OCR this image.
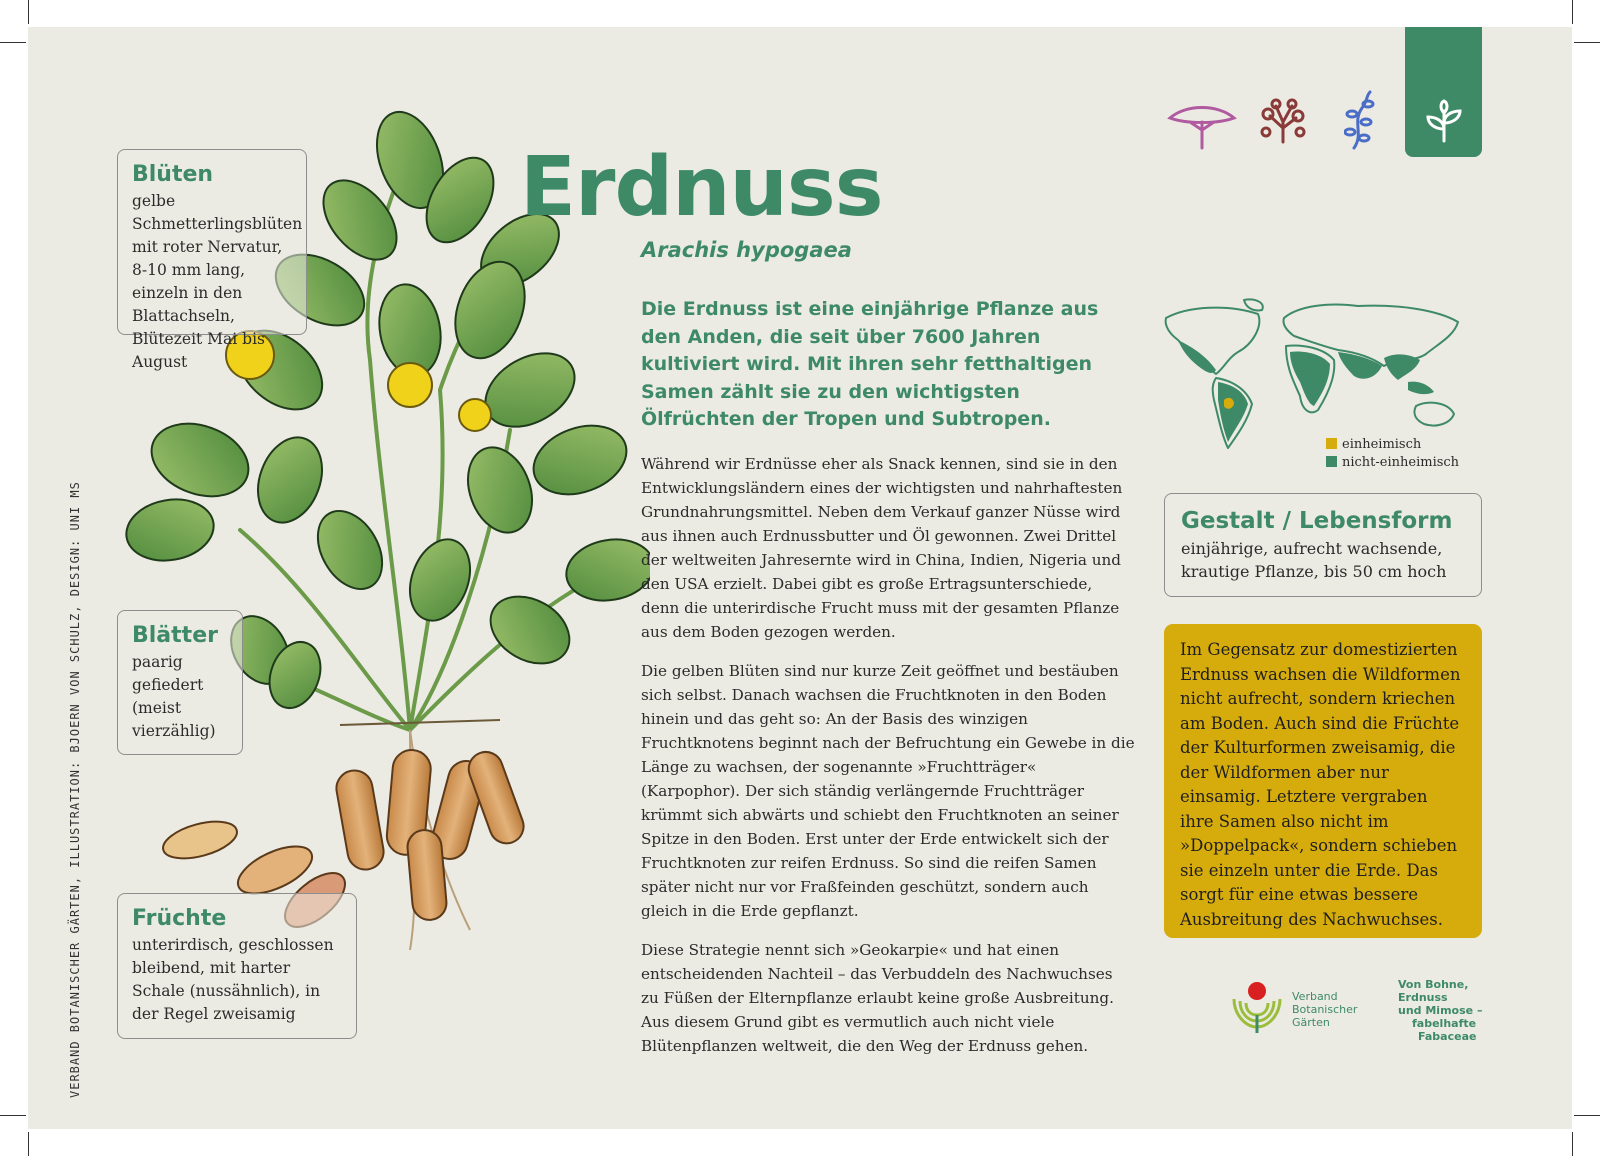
VERBAND BOTANISCHER GÄRTEN, ILLUSTRATION: BJOERN VON SCHULZ, DESIGN: UNI MS
Blüten

gelbe Schmetterlingsblüten mit roter Nervatur, 8-10 mm lang, einzeln in den Blattachseln, Blütezeit Mai bis August

Blätter

paarig gefiedert (meist vierzählig)

Früchte

unterirdisch, geschlossen bleibend, mit harter Schale (nussähnlich), in der Regel zweisamig

Erdnuss
Arachis hypogaea

Die Erdnuss ist eine einjährige Pflanze aus den Anden, die seit über 7600 Jahren kultiviert wird. Mit ihren sehr fetthaltigen Samen zählt sie zu den wichtigsten Ölfrüchten der Tropen und Subtropen.

Während wir Erdnüsse eher als Snack kennen, sind sie in den Entwicklungsländern eines der wichtigsten und nahrhaftesten Grundnahrungsmittel. Neben dem Verkauf ganzer Nüsse wird aus ihnen auch Erdnussbutter und Öl gewonnen. Zwei Drittel der weltweiten Jahresernte wird in China, Indien, Nigeria und den USA erzielt. Dabei gibt es große Ertragsunterschiede, denn die unterirdische Frucht muss mit der gesamten Pflanze aus dem Boden gezogen werden.

Die gelben Blüten sind nur kurze Zeit geöffnet und bestäuben sich selbst. Danach wachsen die Fruchtknoten in den Boden hinein und das geht so: An der Basis des winzigen Fruchtknotens beginnt nach der Befruchtung ein Gewebe in die Länge zu wachsen, der sogenannte »Fruchtträger« (Karpophor). Der sich ständig verlängernde Fruchtträger krümmt sich abwärts und schiebt den Fruchtknoten an seiner Spitze in den Boden. Erst unter der Erde entwickelt sich der Fruchtknoten zur reifen Erdnuss. So sind die reifen Samen später nicht nur vor Fraßfeinden geschützt, sondern auch gleich in die Erde gepflanzt.

Diese Strategie nennt sich »Geokarpie« und hat einen entscheidenden Nachteil – das Verbuddeln des Nachwuchses zu Füßen der Elternpflanze erlaubt keine große Ausbreitung. Aus diesem Grund gibt es vermutlich auch nicht viele Blütenpflanzen weltweit, die den Weg der Erdnuss gehen.

einheimisch
nicht-einheimisch
Gestalt / Lebensform

einjährige, aufrecht wachsende, krautige Pflanze, bis 50 cm hoch

Im Gegensatz zur domestizierten Erdnuss wachsen die Wildformen nicht aufrecht, sondern kriechen am Boden. Auch sind die Früchte der Kulturformen zweisamig, die der Wildformen aber nur einsamig. Letztere vergraben ihre Samen also nicht im »Doppelpack«, sondern schieben sie einzeln unter die Erde. Das sorgt für eine etwas bessere Ausbreitung des Nachwuchses.

Verband
Botanischer
Gärten
Von Bohne,
Erdnuss
und Mimose –
fabelhafte
Fabaceae
